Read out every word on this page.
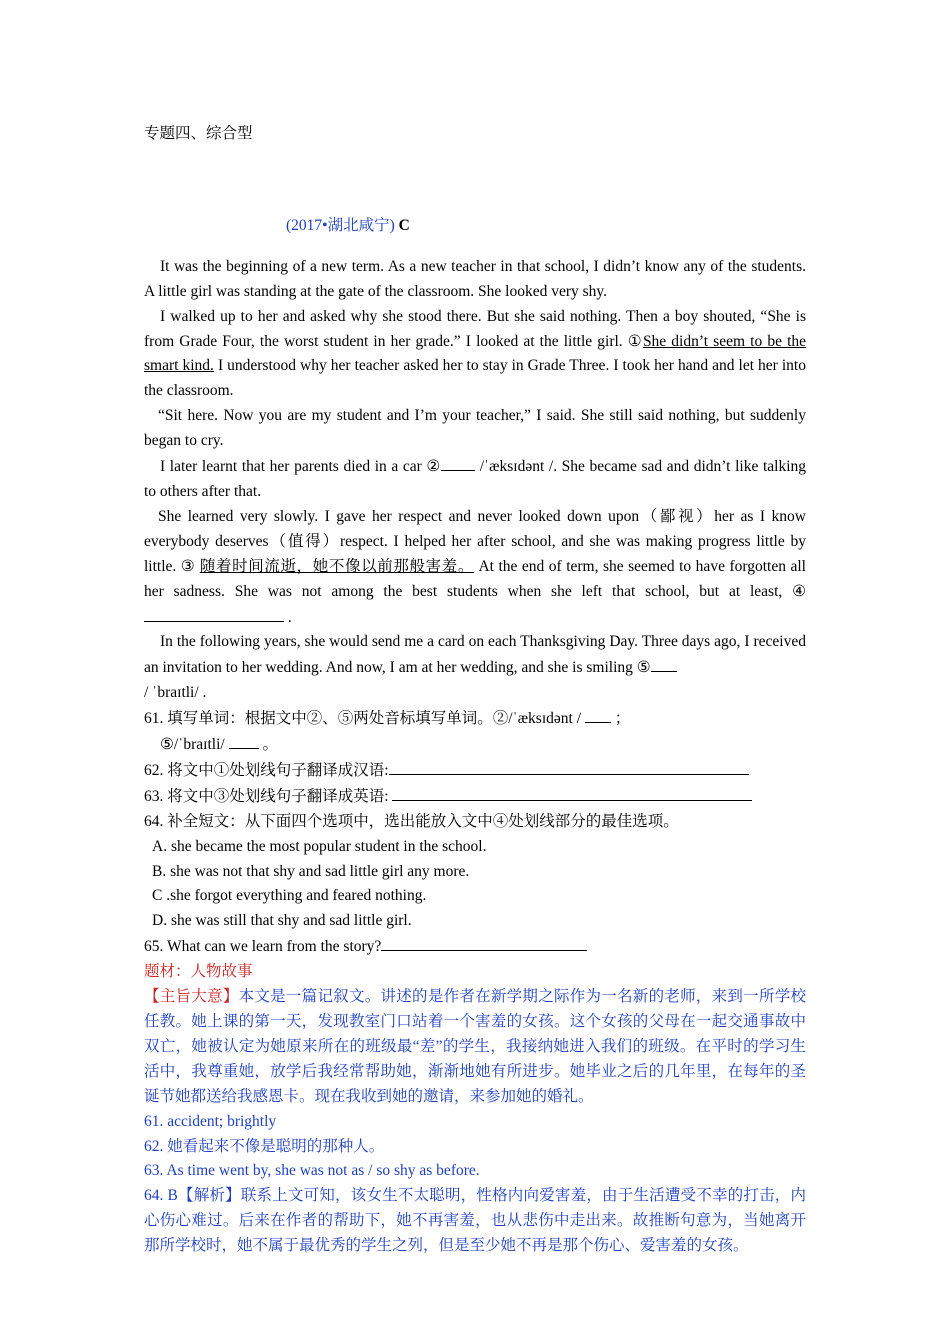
专题四、综合型

(2017•湖北咸宁) C

It was the beginning of a new term. As a new teacher in that school, I didn’t know any of the students. A little girl was standing at the gate of the classroom. She looked very shy.

I walked up to her and asked why she stood there. But she said nothing. Then a boy shouted, “She is from Grade Four, the worst student in her grade.” I looked at the little girl. ①She didn’t seem to be the smart kind. I understood why her teacher asked her to stay in Grade Three. I took her hand and let her into the classroom.

“Sit here. Now you are my student and I’m your teacher,” I said. She still said nothing, but suddenly began to cry.

I later learnt that her parents died in a car ② /ˈæksɪdənt /. She became sad and didn’t like talking to others after that.

She learned very slowly. I gave her respect and never looked down upon（鄙视）her as I know everybody deserves（值得）respect. I helped her after school, and she was making progress little by little. ③ 随着时间流逝，她不像以前那般害羞。 At the end of term, she seemed to have forgotten all her sadness. She was not among the best students when she left that school, but at least, ④ .

In the following years, she would send me a card on each Thanksgiving Day. Three days ago, I received an invitation to her wedding. And now, I am at her wedding, and she is smiling ⑤
/ ˈbraɪtli/ .

61. 填写单词：根据文中②、⑤两处音标填写单词。②/ˈæksɪdənt / ；

⑤/ˈbraɪtli/ 。

62. 将文中①处划线句子翻译成汉语:

63. 将文中③处划线句子翻译成英语:

64. 补全短文：从下面四个选项中，选出能放入文中④处划线部分的最佳选项。

A. she became the most popular student in the school.

B. she was not that shy and sad little girl any more.

C .she forgot everything and feared nothing.

D. she was still that shy and sad little girl.

65. What can we learn from the story?

题材：人物故事

【主旨大意】本文是一篇记叙文。讲述的是作者在新学期之际作为一名新的老师，来到一所学校任教。她上课的第一天，发现教室门口站着一个害羞的女孩。这个女孩的父母在一起交通事故中双亡，她被认定为她原来所在的班级最“差”的学生，我接纳她进入我们的班级。在平时的学习生活中，我尊重她，放学后我经常帮助她，渐渐地她有所进步。她毕业之后的几年里，在每年的圣诞节她都送给我感恩卡。现在我收到她的邀请，来参加她的婚礼。

61. accident; brightly

62. 她看起来不像是聪明的那种人。

63. As time went by, she was not as / so shy as before.

64. B【解析】联系上文可知，该女生不太聪明，性格内向爱害羞，由于生活遭受不幸的打击，内心伤心难过。后来在作者的帮助下，她不再害羞，也从悲伤中走出来。故推断句意为，当她离开那所学校时，她不属于最优秀的学生之列，但是至少她不再是那个伤心、爱害羞的女孩。
